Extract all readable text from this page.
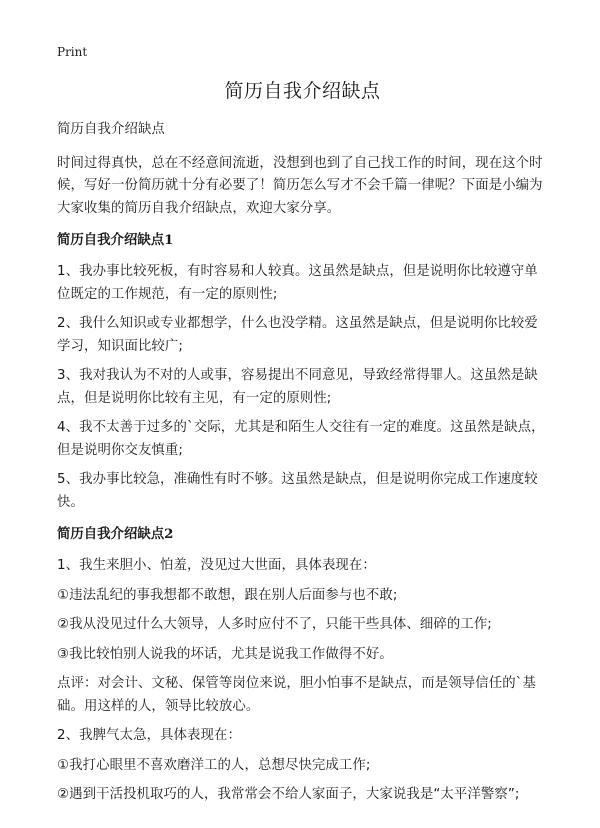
Print
简历自我介绍缺点

简历自我介绍缺点

时间过得真快，总在不经意间流逝，没想到也到了自己找工作的时间，现在这个时候，写好一份简历就十分有必要了！简历怎么写才不会千篇一律呢？下面是小编为大家收集的简历自我介绍缺点，欢迎大家分享。

简历自我介绍缺点1

1、我办事比较死板，有时容易和人较真。这虽然是缺点，但是说明你比较遵守单位既定的工作规范，有一定的原则性;

2、我什么知识或专业都想学，什么也没学精。这虽然是缺点，但是说明你比较爱学习，知识面比较广;

3、我对我认为不对的人或事，容易提出不同意见，导致经常得罪人。这虽然是缺点，但是说明你比较有主见，有一定的原则性;

4、我不太善于过多的`交际，尤其是和陌生人交往有一定的难度。这虽然是缺点，但是说明你交友慎重;

5、我办事比较急，准确性有时不够。这虽然是缺点，但是说明你完成工作速度较快。

简历自我介绍缺点2

1、我生来胆小、怕羞，没见过大世面，具体表现在：

①违法乱纪的事我想都不敢想，跟在别人后面参与也不敢;

②我从没见过什么大领导，人多时应付不了，只能干些具体、细碎的工作;

③我比较怕别人说我的坏话，尤其是说我工作做得不好。

点评：对会计、文秘、保管等岗位来说，胆小怕事不是缺点，而是领导信任的`基础。用这样的人，领导比较放心。

2、我脾气太急，具体表现在：

①我打心眼里不喜欢磨洋工的人，总想尽快完成工作;

②遇到干活投机取巧的人，我常常会不给人家面子，大家说我是“太平洋警察”;
